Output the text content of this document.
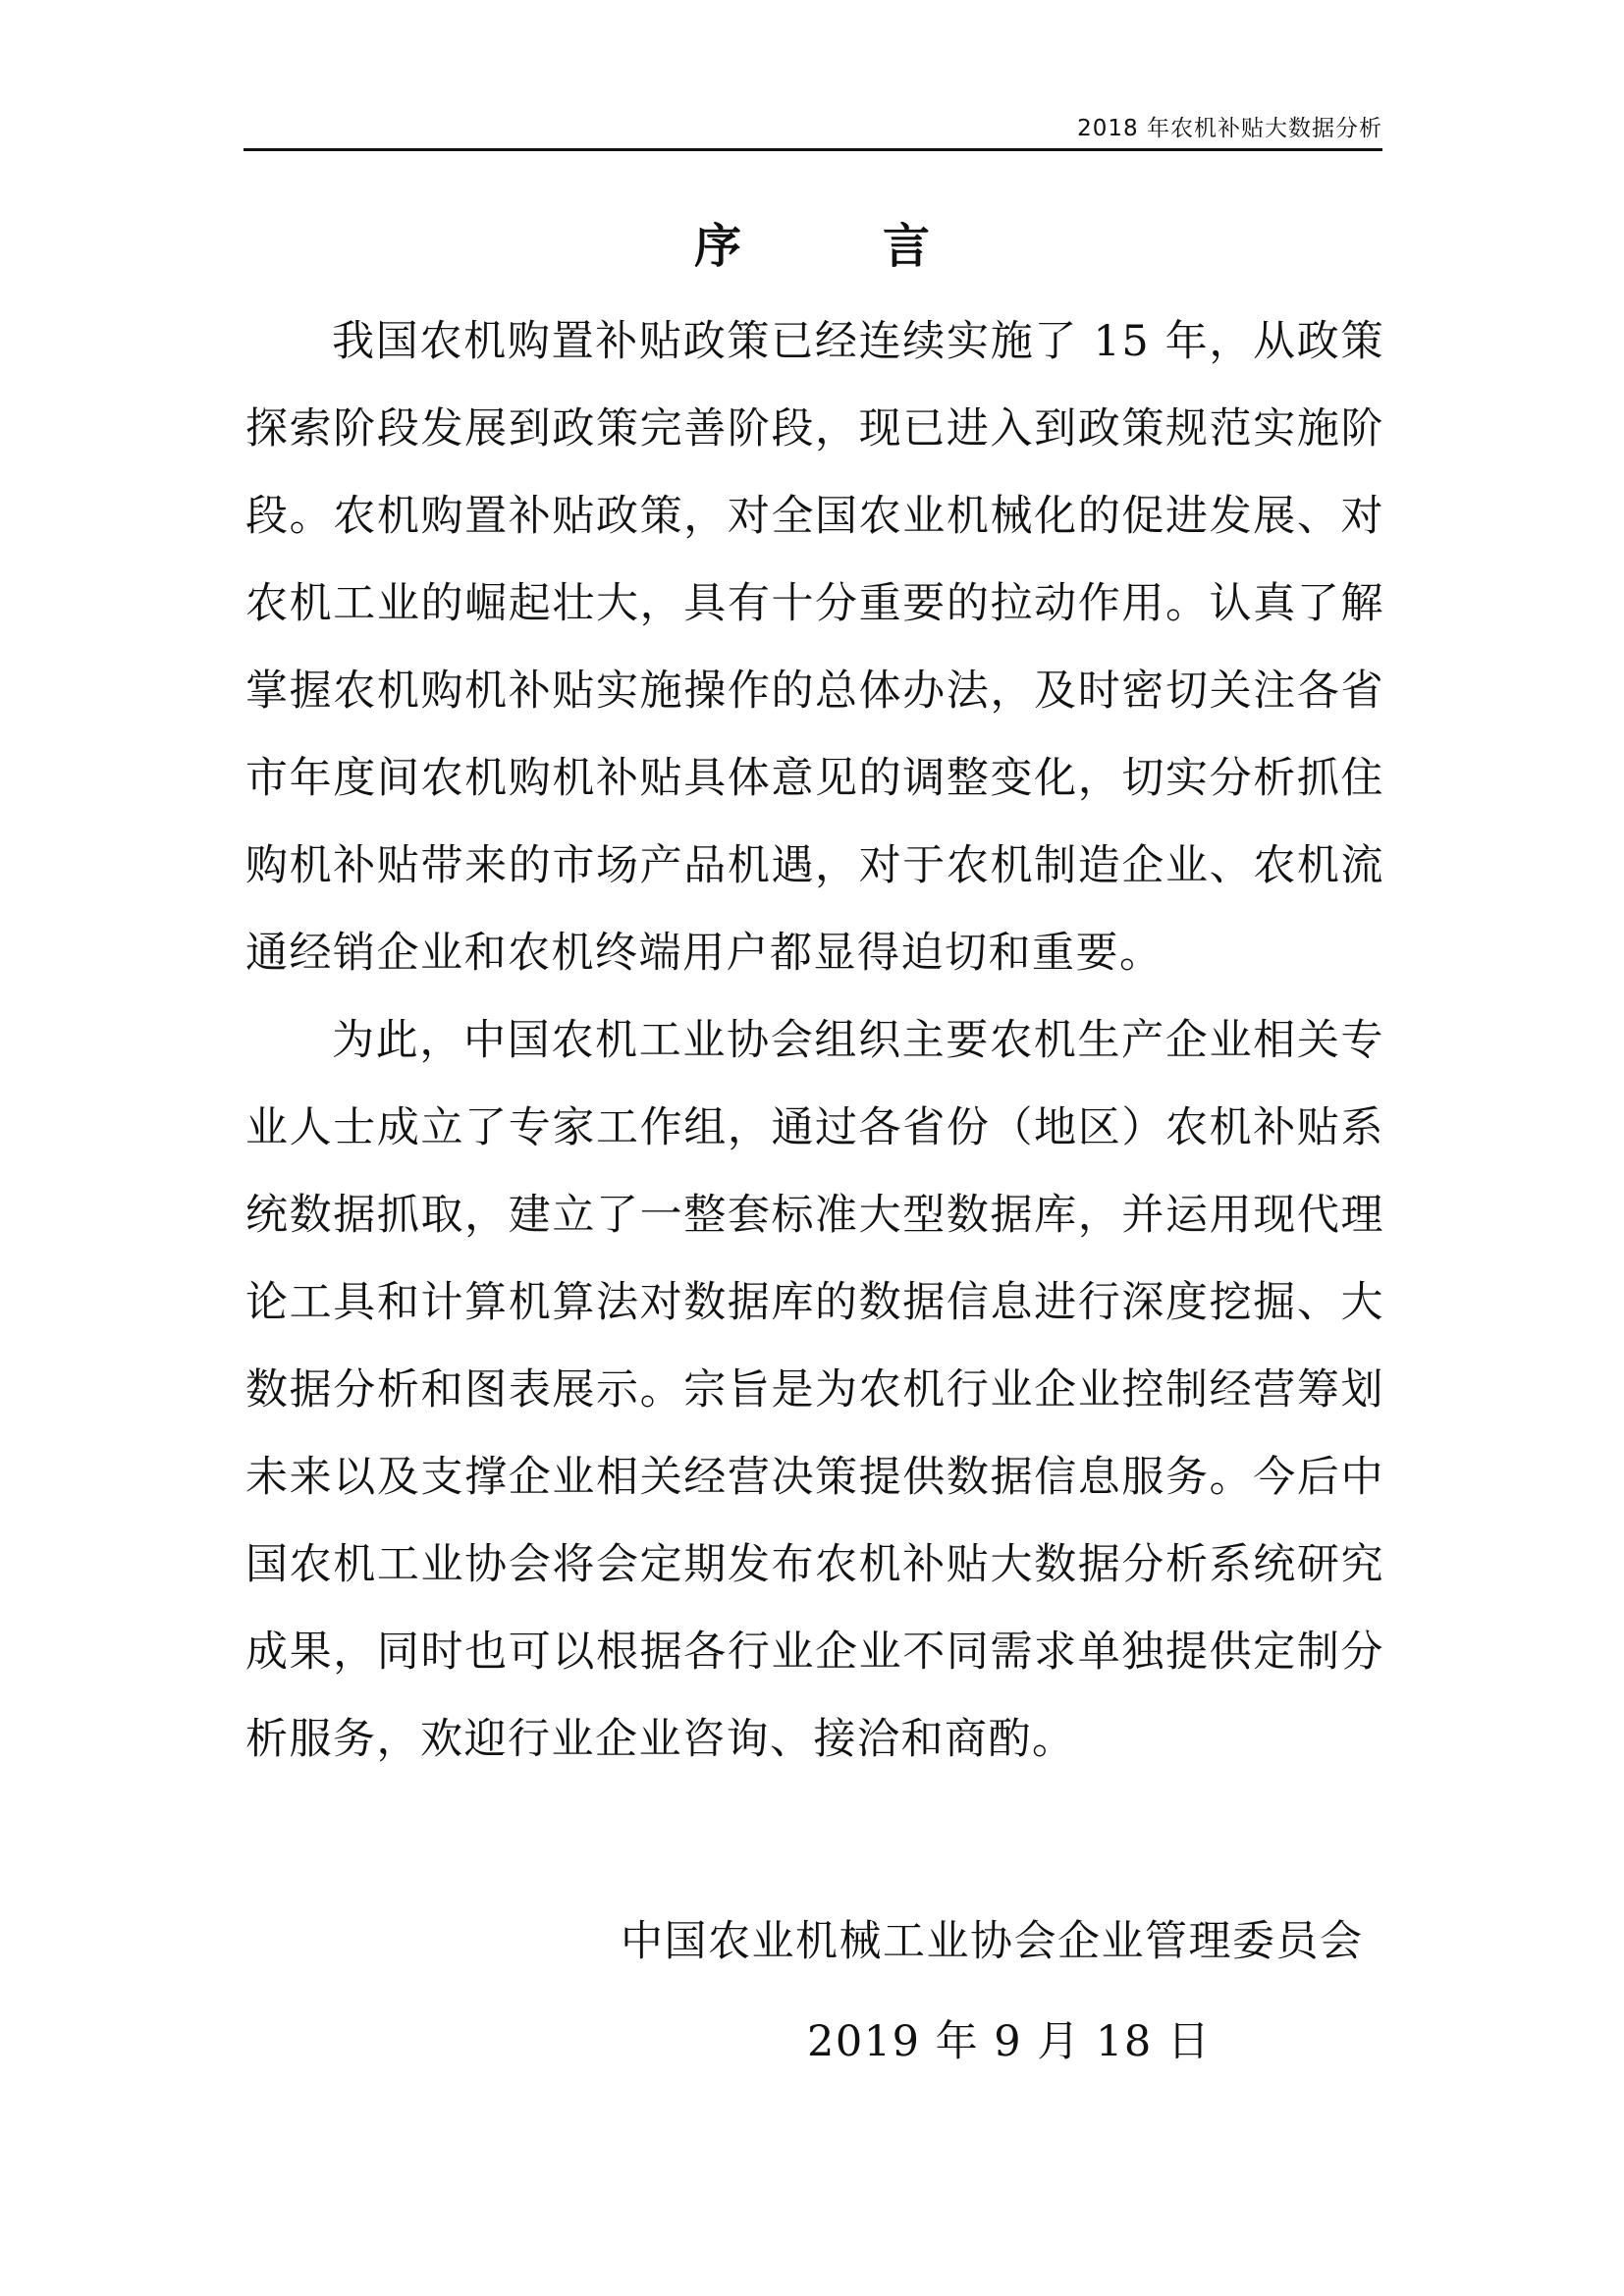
2018 年农机补贴大数据分析
序　言

我国农机购置补贴政策已经连续实施了 15 年，从政策探索阶段发展到政策完善阶段，现已进入到政策规范实施阶段。农机购置补贴政策，对全国农业机械化的促进发展、对农机工业的崛起壮大，具有十分重要的拉动作用。认真了解掌握农机购机补贴实施操作的总体办法，及时密切关注各省市年度间农机购机补贴具体意见的调整变化，切实分析抓住购机补贴带来的市场产品机遇，对于农机制造企业、农机流通经销企业和农机终端用户都显得迫切和重要。

为此，中国农机工业协会组织主要农机生产企业相关专业人士成立了专家工作组，通过各省份（地区）农机补贴系统数据抓取，建立了一整套标准大型数据库，并运用现代理论工具和计算机算法对数据库的数据信息进行深度挖掘、大数据分析和图表展示。宗旨是为农机行业企业控制经营筹划未来以及支撑企业相关经营决策提供数据信息服务。今后中国农机工业协会将会定期发布农机补贴大数据分析系统研究成果，同时也可以根据各行业企业不同需求单独提供定制分析服务，欢迎行业企业咨询、接洽和商酌。

中国农业机械工业协会企业管理委员会
2019 年 9 月 18 日
